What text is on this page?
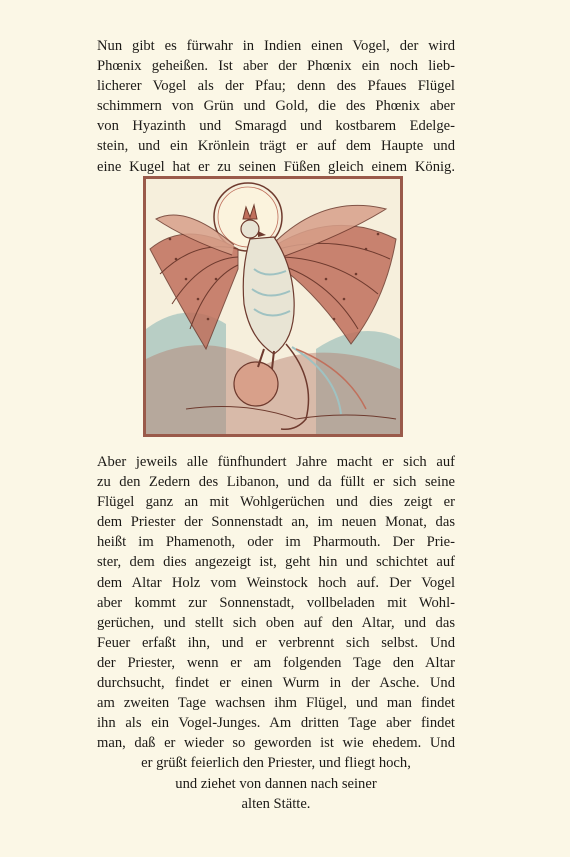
Nun gibt es fürwahr in Indien einen Vogel, der wird
Phœnix geheißen. Ist aber der Phœnix ein noch lieb-
licherer Vogel als der Pfau; denn des Pfaues Flügel
schimmern von Grün und Gold, die des Phœnix aber
von Hyazinth und Smaragd und kostbarem Edelge-
stein, und ein Krönlein trägt er auf dem Haupte und
eine Kugel hat er zu seinen Füßen gleich einem König.

Aber jeweils alle fünfhundert Jahre macht er sich auf
zu den Zedern des Libanon, und da füllt er sich seine
Flügel ganz an mit Wohlgerüchen und dies zeigt er
dem Priester der Sonnenstadt an, im neuen Monat, das
heißt im Phamenoth, oder im Pharmouth. Der Prie-
ster, dem dies angezeigt ist, geht hin und schichtet auf
dem Altar Holz vom Weinstock hoch auf. Der Vogel
aber kommt zur Sonnenstadt, vollbeladen mit Wohl-
gerüchen, und stellt sich oben auf den Altar, und das
Feuer erfaßt ihn, und er verbrennt sich selbst. Und
der Priester, wenn er am folgenden Tage den Altar
durchsucht, findet er einen Wurm in der Asche. Und
am zweiten Tage wachsen ihm Flügel, und man findet
ihn als ein Vogel-Junges. Am dritten Tage aber findet
man, daß er wieder so geworden ist wie ehedem. Und
er grüßt feierlich den Priester, und fliegt hoch,
und ziehet von dannen nach seiner
alten Stätte.
